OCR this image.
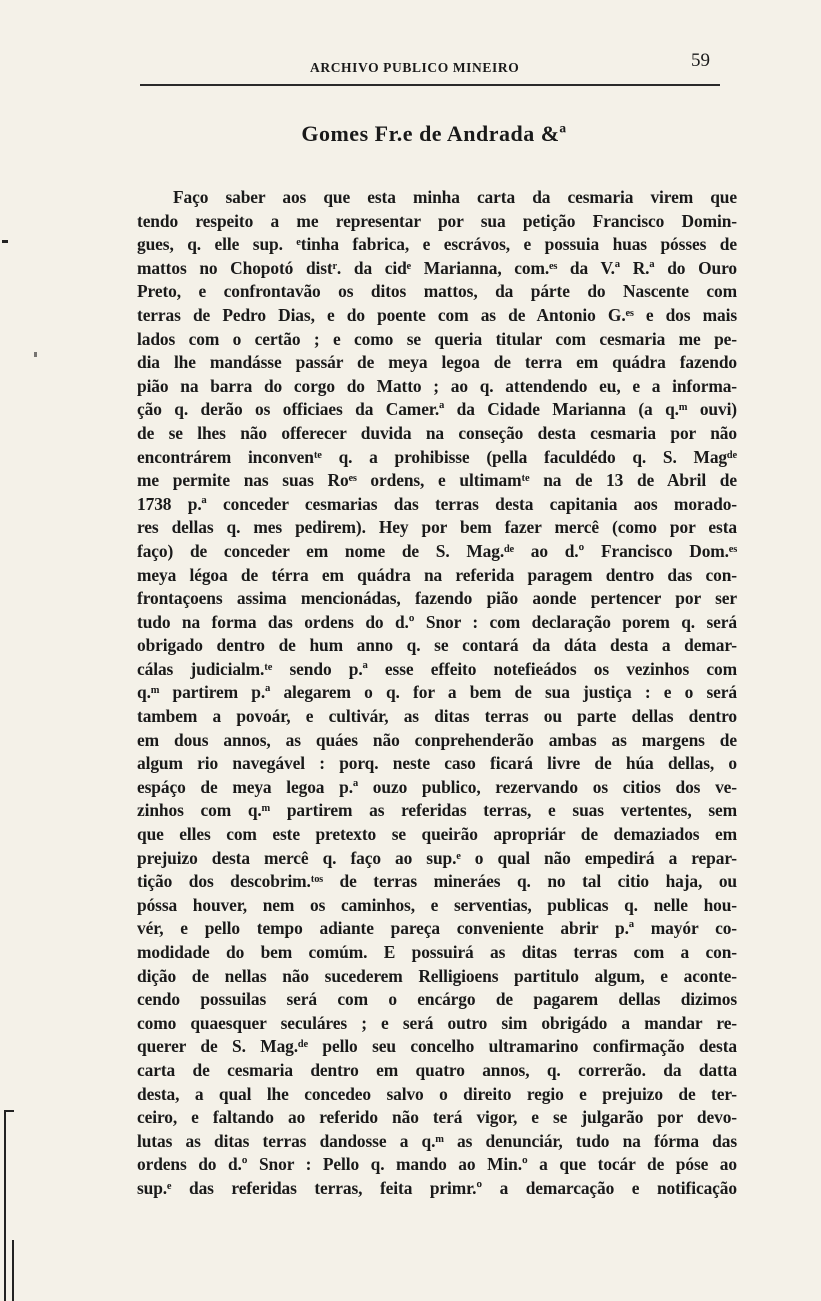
ARCHIVO PUBLICO MINEIRO	59
Gomes Fr.e de Andrada &ª
Faço saber aos que esta minha carta da cesmaria virem que
tendo respeito a me representar por sua petição Francisco Domin-
gues, q. elle sup. ᵉtinha fabrica, e escrávos, e possuia huas pósses de
mattos no Chopotó distʳ. da cidᵉ Marianna, com.ᵉˢ da V.ª R.ª do Ouro
Preto, e confrontavão os ditos mattos, da párte do Nascente com
terras de Pedro Dias, e do poente com as de Antonio G.ᵉˢ e dos mais
lados com o certão ; e como se queria titular com cesmaria me pe-
dia lhe mandásse passár de meya legoa de terra em quádra fazendo
pião na barra do corgo do Matto ; ao q. attendendo eu, e a informa-
ção q. derão os officiaes da Camer.ª da Cidade Marianna (a q.ᵐ ouvi)
de se lhes não offerecer duvida na conseção desta cesmaria por não
encontrárem inconvenᵗᵉ q. a prohibisse (pella faculdédo q. S. Magᵈᵉ
me permite nas suas Roᵉˢ ordens, e ultimamᵗᵉ na de 13 de Abril de
1738 p.ª conceder cesmarias das terras desta capitania aos morado-
res dellas q. mes pedirem). Hey por bem fazer mercê (como por esta
faço) de conceder em nome de S. Mag.ᵈᵉ ao d.º Francisco Dom.ᵉˢ
meya légoa de térra em quádra na referida paragem dentro das con-
frontaçoens assima mencionádas, fazendo pião aonde pertencer por ser
tudo na forma das ordens do d.º Snor : com declaração porem q. será
obrigado dentro de hum anno q. se contará da dáta desta a demar-
cálas judicialm.ᵗᵉ sendo p.ª esse effeito notefieádos os vezinhos com
q.ᵐ partirem p.ª alegarem o q. for a bem de sua justiça : e o será
tambem a povoár, e cultivár, as ditas terras ou parte dellas dentro
em dous annos, as quáes não conprehenderão ambas as margens de
algum rio navegável : porq. neste caso ficará livre de húa dellas, o
espáço de meya legoa p.ª ouzo publico, rezervando os citios dos ve-
zinhos com q.ᵐ partirem as referidas terras, e suas vertentes, sem
que elles com este pretexto se queirão apropriár de demaziados em
prejuizo desta mercê q. faço ao sup.ᵉ o qual não empedirá a repar-
tição dos descobrim.ᵗᵒˢ de terras mineráes q. no tal citio haja, ou
póssa houver, nem os caminhos, e serventias, publicas q. nelle hou-
vér, e pello tempo adiante pareça conveniente abrir p.ª mayór co-
modidade do bem comúm. E possuirá as ditas terras com a con-
dição de nellas não sucederem Relligioens partitulo algum, e aconte-
cendo possuilas será com o encárgo de pagarem dellas dizimos
como quaesquer seculáres ; e será outro sim obrigádo a mandar re-
querer de S. Mag.ᵈᵉ pello seu concelho ultramarino confirmação desta
carta de cesmaria dentro em quatro annos, q. correrão. da datta
desta, a qual lhe concedeo salvo o direito regio e prejuizo de ter-
ceiro, e faltando ao referido não terá vigor, e se julgarão por devo-
lutas as ditas terras dandosse a q.ᵐ as denunciár, tudo na fórma das
ordens do d.º Snor : Pello q. mando ao Min.º a que tocár de póse ao
sup.ᵉ das referidas terras, feita primr.º a demarcação e notificação
